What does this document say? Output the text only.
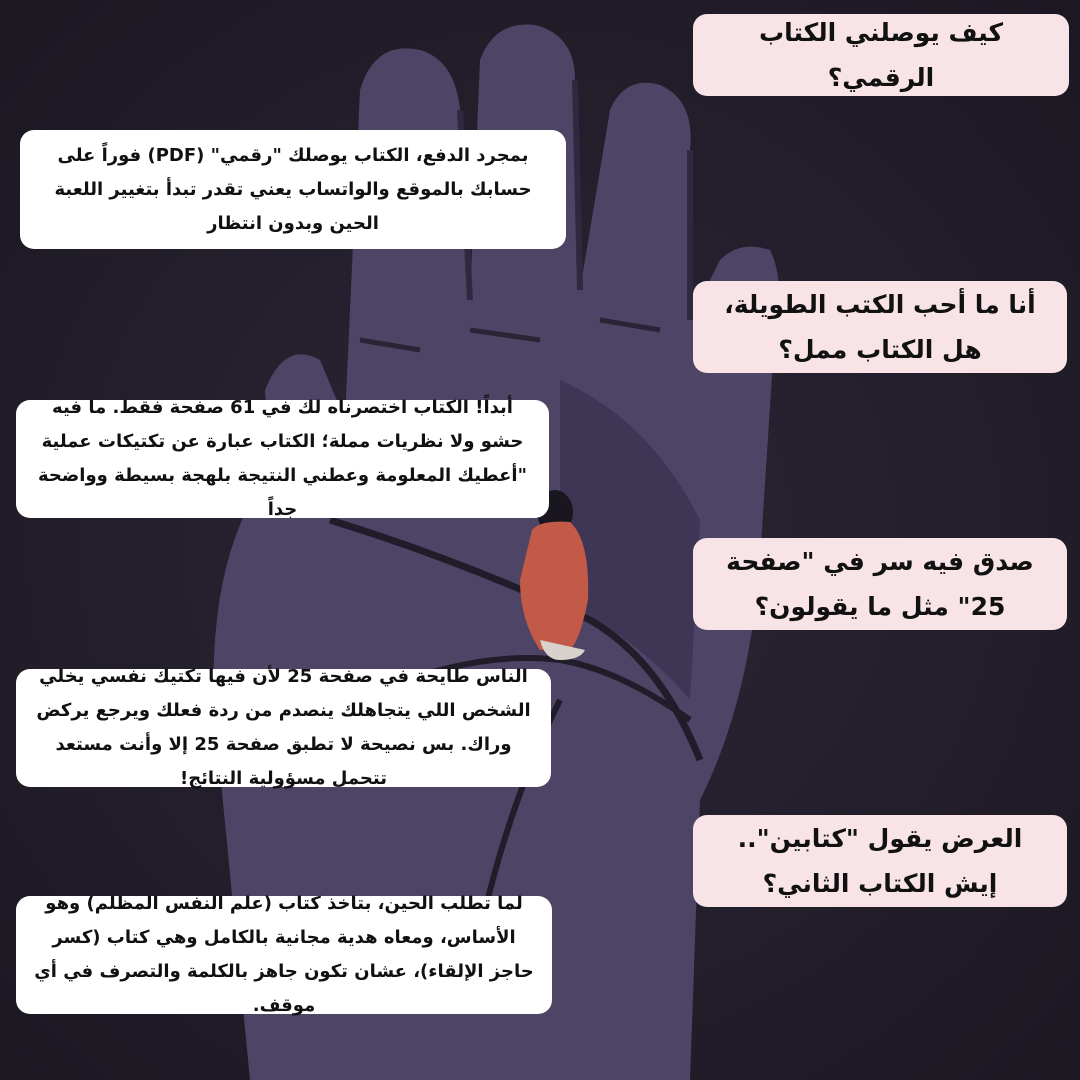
كيف يوصلني الكتاب الرقمي؟
بمجرد الدفع، الكتاب يوصلك "رقمي" (PDF) فوراً على حسابك بالموقع والواتساب يعني تقدر تبدأ بتغيير اللعبة الحين وبدون انتظار
أنا ما أحب الكتب الطويلة، هل الكتاب ممل؟
أبداً! الكتاب اختصرناه لك في 61 صفحة فقط. ما فيه حشو ولا نظريات مملة؛ الكتاب عبارة عن تكتيكات عملية "أعطيك المعلومة وعطني النتيجة بلهجة بسيطة وواضحة جداً
صدق فيه سر في "صفحة 25" مثل ما يقولون؟
الناس طايحة في صفحة 25 لأن فيها تكتيك نفسي يخلي الشخص اللي يتجاهلك ينصدم من ردة فعلك ويرجع يركض وراك. بس نصيحة لا تطبق صفحة 25 إلا وأنت مستعد تتحمل مسؤولية النتائج!
العرض يقول "كتابين".. إيش الكتاب الثاني؟
لما تطلب الحين، بتاخذ كتاب (علم النفس المظلم) وهو الأساس، ومعاه هدية مجانية بالكامل وهي كتاب (كسر حاجز الإلقاء)، عشان تكون جاهز بالكلمة والتصرف في أي موقف.
